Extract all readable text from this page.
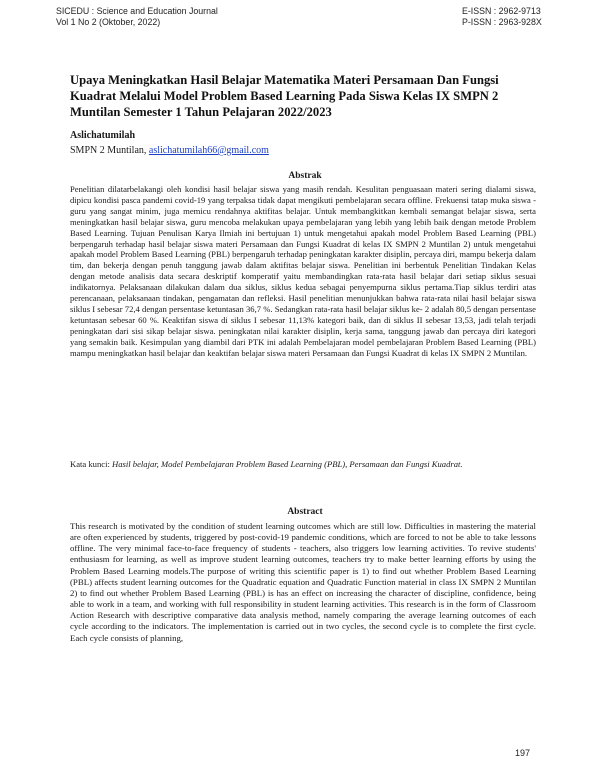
SICEDU : Science and Education Journal
Vol 1 No 2 (Oktober, 2022)
E-ISSN : 2962-9713
P-ISSN : 2963-928X
Upaya Meningkatkan Hasil Belajar Matematika Materi Persamaan Dan Fungsi Kuadrat Melalui Model Problem Based Learning Pada Siswa Kelas IX SMPN 2 Muntilan Semester 1 Tahun Pelajaran 2022/2023
Aslichatumilah
SMPN 2 Muntilan, aslichatumilah66@gmail.com
Abstrak

Penelitian dilatarbelakangi oleh kondisi hasil belajar siswa yang masih rendah. Kesulitan penguasaan materi sering dialami siswa, dipicu kondisi pasca pandemi covid-19 yang terpaksa tidak dapat mengikuti pembelajaran secara offline. Frekuensi tatap muka siswa - guru yang sangat minim, juga memicu rendahnya aktifitas belajar. Untuk membangkitkan kembali semangat belajar siswa, serta meningkatkan hasil belajar siswa, guru mencoba melakukan upaya pembelajaran yang lebih yang lebih baik dengan metode Problem Based Learning. Tujuan Penulisan Karya Ilmiah ini bertujuan 1) untuk mengetahui apakah model Problem Based Learning (PBL) berpengaruh terhadap hasil belajar siswa materi Persamaan dan Fungsi Kuadrat di kelas IX SMPN 2 Muntilan 2) untuk mengetahui apakah model Problem Based Learning (PBL) berpengaruh terhadap peningkatan karakter disiplin, percaya diri, mampu bekerja dalam tim, dan bekerja dengan penuh tanggung jawab dalam aktifitas belajar siswa. Penelitian ini berbentuk Penelitian Tindakan Kelas dengan metode analisis data secara deskriptif komperatif yaitu membandingkan rata-rata hasil belajar dari setiap siklus sesuai indikatornya. Pelaksanaan dilakukan dalam dua siklus, siklus kedua sebagai penyempurna siklus pertama.Tiap siklus terdiri atas perencanaan, pelaksanaan tindakan, pengamatan dan refleksi. Hasil penelitian menunjukkan bahwa rata-rata nilai hasil belajar siswa siklus I sebesar 72,4 dengan persentase ketuntasan 36,7 %. Sedangkan rata-rata hasil belajar siklus ke- 2 adalah 80,5 dengan persentase ketuntasan sebesar 60 %. Keaktifan siswa di siklus I sebesar 11,13% kategori baik, dan di siklus II sebesar 13,53, jadi telah terjadi peningkatan dari sisi sikap belajar siswa. peningkatan nilai karakter disiplin, kerja sama, tanggung jawab dan percaya diri kategori yang semakin baik. Kesimpulan yang diambil dari PTK ini adalah Pembelajaran model pembelajaran Problem Based Learning (PBL) mampu meningkatkan hasil belajar dan keaktifan belajar siswa materi Persamaan dan Fungsi Kuadrat di kelas IX SMPN 2 Muntilan.

Kata kunci: Hasil belajar, Model Pembelajaran Problem Based Learning (PBL), Persamaan dan Fungsi Kuadrat.
Abstract

This research is motivated by the condition of student learning outcomes which are still low. Difficulties in mastering the material are often experienced by students, triggered by post-covid-19 pandemic conditions, which are forced to not be able to take lessons offline. The very minimal face-to-face frequency of students - teachers, also triggers low learning activities. To revive students' enthusiasm for learning, as well as improve student learning outcomes, teachers try to make better learning efforts by using the Problem Based Learning models.The purpose of writing this scientific paper is 1) to find out whether Problem Based Learning (PBL) affects student learning outcomes for the Quadratic equation and Quadratic Function material in class IX SMPN 2 Muntilan 2) to find out whether Problem Based Learning (PBL) is has an effect on increasing the character of discipline, confidence, being able to work in a team, and working with full responsibility in student learning activities. This research is in the form of Classroom Action Research with descriptive comparative data analysis method, namely comparing the average learning outcomes of each cycle according to the indicators. The implementation is carried out in two cycles, the second cycle is to complete the first cycle. Each cycle consists of planning,

197
